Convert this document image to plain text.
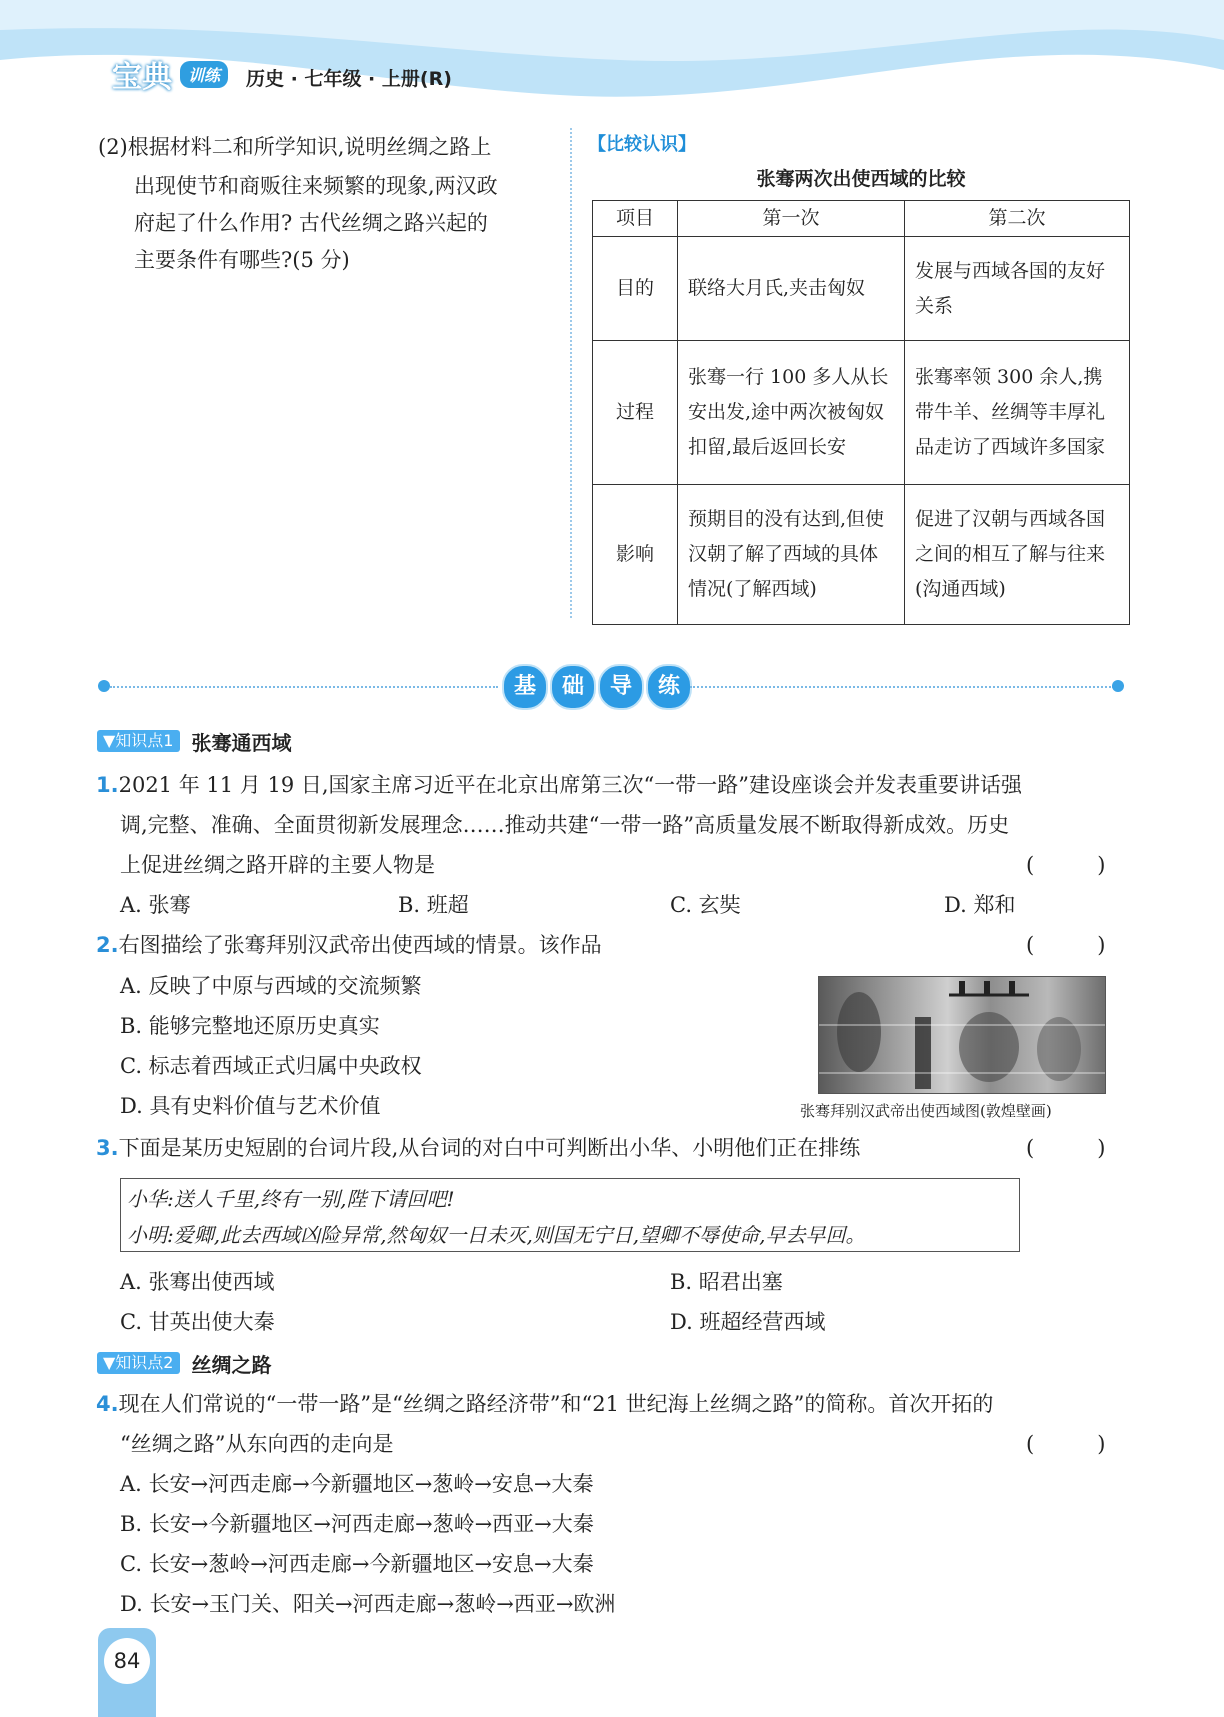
宝典	训练	历史 · 七年级 · 上册(R)
(2)根据材料二和所学知识,说明丝绸之路上
出现使节和商贩往来频繁的现象,两汉政
府起了什么作用? 古代丝绸之路兴起的
主要条件有哪些?(5 分)
【比较认识】
张骞两次出使西域的比较
项目	第一次	第二次
目的	联络大月氏,夹击匈奴	发展与西域各国的友好关系
过程	张骞一行 100 多人从长安出发,途中两次被匈奴扣留,最后返回长安	张骞率领 300 余人,携带牛羊、丝绸等丰厚礼品走访了西域许多国家
影响	预期目的没有达到,但使汉朝了解了西域的具体情况(了解西域)	促进了汉朝与西域各国之间的相互了解与往来(沟通西域)
基	础	导	练
▼知识点1 张骞通西域
1.2021 年 11 月 19 日,国家主席习近平在北京出席第三次“一带一路”建设座谈会并发表重要讲话强
调,完整、准确、全面贯彻新发展理念……推动共建“一带一路”高质量发展不断取得新成效。历史
上促进丝绸之路开辟的主要人物是	(　　　)
A. 张骞	B. 班超	C. 玄奘	D. 郑和
2.右图描绘了张骞拜别汉武帝出使西域的情景。该作品	(　　　)
A. 反映了中原与西域的交流频繁
B. 能够完整地还原历史真实
C. 标志着西域正式归属中央政权
D. 具有史料价值与艺术价值	张骞拜别汉武帝出使西域图(敦煌壁画)
3.下面是某历史短剧的台词片段,从台词的对白中可判断出小华、小明他们正在排练	(　　　)
小华:送人千里,终有一别,陛下请回吧!
小明:爱卿,此去西域凶险异常,然匈奴一日未灭,则国无宁日,望卿不辱使命,早去早回。
A. 张骞出使西域	B. 昭君出塞
C. 甘英出使大秦	D. 班超经营西域
▼知识点2 丝绸之路
4.现在人们常说的“一带一路”是“丝绸之路经济带”和“21 世纪海上丝绸之路”的简称。首次开拓的
“丝绸之路”从东向西的走向是	(　　　)
A. 长安→河西走廊→今新疆地区→葱岭→安息→大秦
B. 长安→今新疆地区→河西走廊→葱岭→西亚→大秦
C. 长安→葱岭→河西走廊→今新疆地区→安息→大秦
D. 长安→玉门关、阳关→河西走廊→葱岭→西亚→欧洲
84
